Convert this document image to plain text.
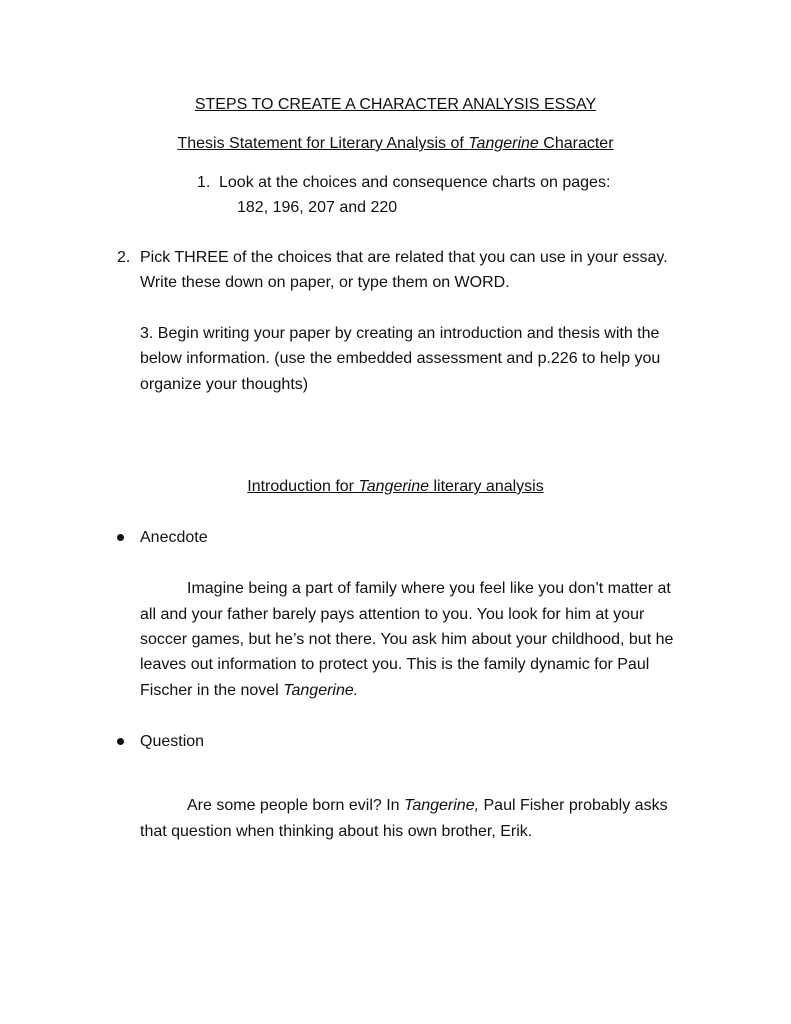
STEPS TO CREATE A CHARACTER ANALYSIS ESSAY
Thesis Statement for Literary Analysis of Tangerine Character
1. Look at the choices and consequence charts on pages:
182, 196, 207 and 220
2. Pick THREE of the choices that are related that you can use in your essay.
Write these down on paper, or type them on WORD.
3. Begin writing your paper by creating an introduction and thesis with the
below information. (use the embedded assessment and p.226 to help you
organize your thoughts)
Introduction for Tangerine literary analysis
Anecdote
Imagine being a part of family where you feel like you don’t matter at
all and your father barely pays attention to you. You look for him at your
soccer games, but he’s not there. You ask him about your childhood, but he
leaves out information to protect you. This is the family dynamic for Paul
Fischer in the novel Tangerine.
Question
Are some people born evil? In Tangerine, Paul Fisher probably asks
that question when thinking about his own brother, Erik.
